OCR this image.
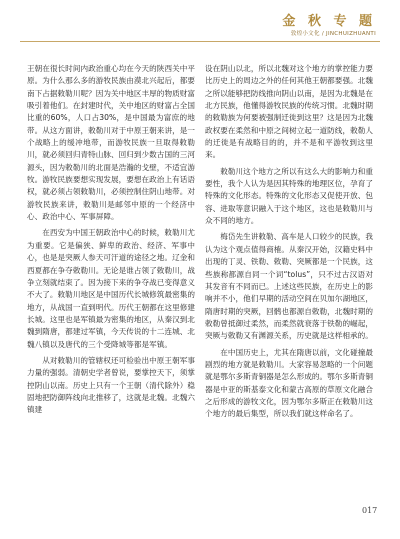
金 秋 专 题
敦煌小文化 / JINCHUIZHUANTI

王朝在很长时间内政治重心均在今天的陕西关中平原。为什么那么多的游牧民族由漠北兴起后，都要南下占据敕勒川呢？因为关中地区丰厚的物质财富吸引着他们。在封建时代，关中地区的财富占全国比重的60%，人口占30%，是中国最为富庶的地带。从这方面讲，敕勒川对于中原王朝来讲，是一个战略上的缓冲地带，而游牧民族一旦取得敕勒川，就必须回归青特山脉、回归到少数古国的三河源头，因为敕勒川的北面是浩瀚的戈壁，不适宜游牧。游牧民族要想实现发展，要想在政治上有话语权，就必须占领敕勒川，必须控制住阴山地带。对游牧民族来讲，敕勒川是邮邻中原的一个经济中心、政治中心、军事屏障。

在西安为中国王朝政治中心的时候，敕勒川尤为重要。它是偏狭、鲜卑的政治、经济、军事中心，也是是突厥人参天可汗道的途径之地。辽金和西夏都在争夺敕勒川。无论是谁占领了敕勒川，战争立刻就结束了。因为接下来的争夺战已变得意义不大了。敕勒川地区是中国历代长城修筑最密集的地方，从战国一直到明代。历代王朝都在这里修建长城。这里也是军镇最为密集的地区，从秦汉到北魏到隋唐，都建过军镇，今天传说的十二连城、北魏八镇以及唐代的三个受降城等都是军镇。

从对敕勒川的管辖权还可检验出中原王朝军事力量的强弱。清朝史学者曾说，要掌控天下，须掌控阴山以南。历史上只有一个王朝（清代除外）稳固地把防御阵线向北推移了，这就是北魏。北魏六镇建

设在阴山以北，所以北魏对这个地方的掌控能力要比历史上的周边之外的任何其他王朝都要强。北魏之所以能够把防线推向阴山以南，是因为北魏是在北方民族，他懂得游牧民族的传统习惯。北魏时期的敕勒族为何要被强制迁徙到这里？这是因为北魏政权要在柔然和中原之间树立起一道防线，敕勒人的迁徙是有战略目的的，并不是和平游牧到这里来。

敕勒川这个地方之所以有这么大的影响力和重要性，我个人认为是因其特殊的地理区位，孕育了特殊的文化形态。特殊的文化形态又促使开放、包容、进取等意识融入于这个地区，这也是敕勒川与众不同的地方。

梅岱先生讲敕勒、高车是人口较少的民族，我认为这个观点值得商榷。从秦汉开始，汉籍史料中出现的丁灵、铁勒、敕勒、突厥都是一个民族，这些族称都源自同一个词“tolus”，只不过古汉语对其发音有不同而已。上述这些民族，在历史上的影响并不小，他们早期的活动空间在贝加尔湖地区，隋唐时期的突厥，回鹘也都源自敕勒，北魏时期的敕勒曾抵御过柔然，而柔然就衰落于铁勒的崛起，突厥与敕勒又有渊源关系，历史就是这样相承的。

在中国历史上，尤其在隋唐以前，文化碰撞最剧烈的地方就是敕勒川。大家容易忽略的一个问题就是鄂尔多斯青铜器是怎么形成的。鄂尔多斯青铜器是中亚的斯基泰文化和蒙古高原的草原文化融合之后形成的游牧文化，因为鄂尔多斯正在敕勒川这个地方的最后集型，所以我们就这样命名了。

017
